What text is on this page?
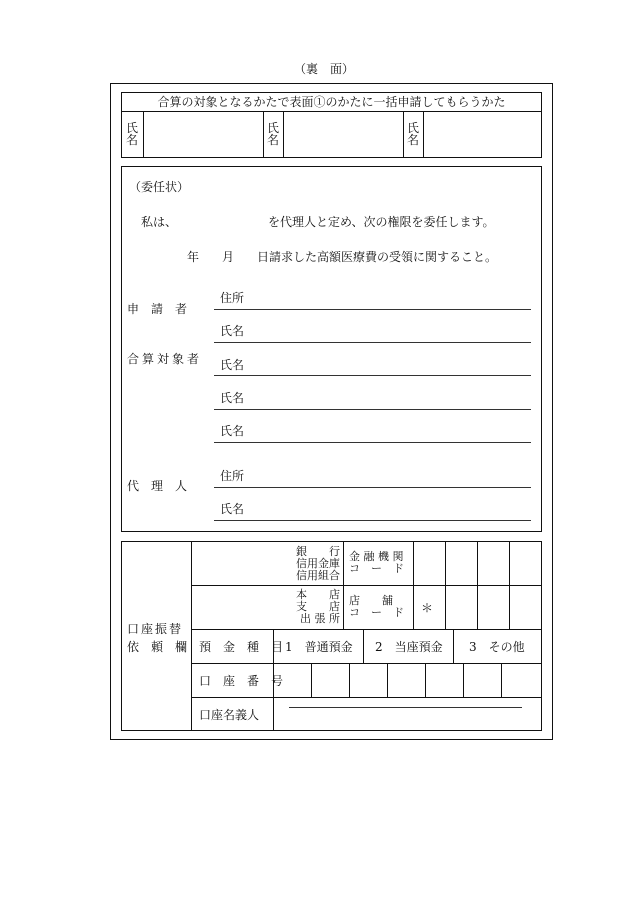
（裏　面）
合算の対象となるかたで表面①のかたに一括申請してもらうかた
氏名
氏名
氏名
（委任状）
私は、	を代理人と定め、次の権限を委任します。
年 月 日請求した高額医療費の受領に関すること。
申　請　者
住所
氏名
合算対象者 氏名
氏名
氏名
代　理　人
住所
氏名
口座振替
依　頼　欄
銀　　行
信用金庫
信用組合
金 融 機 関
コ　ー　ド
本　　店
支　　店
出 張 所
店　　舗
コ　ー　ド ＊
預　金　種　目 1　普通預金 2　当座預金 3　その他
口　座　番　号
口座名義人
